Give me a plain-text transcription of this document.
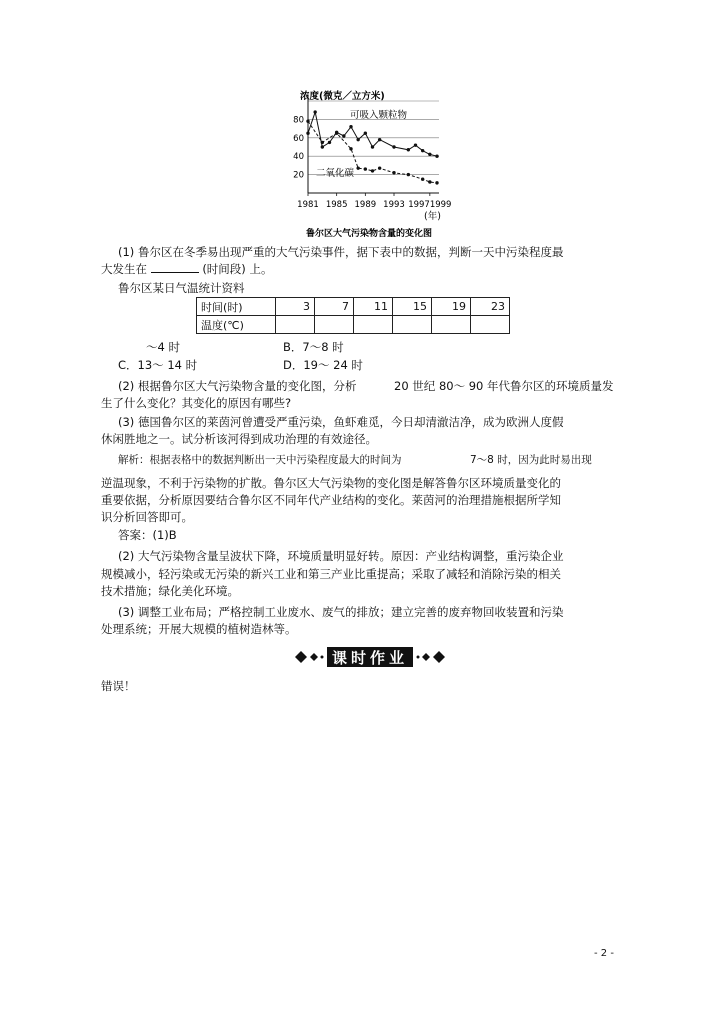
20
40
60
80
1981 1985 1989 1993 19971999
浓度(微克／立方米)
(年)
可吸入颗粒物
二氧化碳
鲁尔区大气污染物含量的变化图
(1) 鲁尔区在冬季易出现严重的大气污染事件，据下表中的数据，判断一天中污染程度最
大发生在	(时间段) 上。
鲁尔区某日气温统计资料
时间(时)	3	7	11	15	19	23
温度(℃)						
～4 时	B．7～8 时
C．13～ 14 时	D．19～ 24 时
(2) 根据鲁尔区大气污染物含量的变化图，分析	20 世纪 80～ 90 年代鲁尔区的环境质量发
生了什么变化？其变化的原因有哪些?
(3) 德国鲁尔区的莱茵河曾遭受严重污染，鱼虾难觅，今日却清澈洁净，成为欧洲人度假
休闲胜地之一。试分析该河得到成功治理的有效途径。
解析：根据表格中的数据判断出一天中污染程度最大的时间为	7～8 时，因为此时易出现
逆温现象，不利于污染物的扩散。鲁尔区大气污染物的变化图是解答鲁尔区环境质量变化的
重要依据，分析原因要结合鲁尔区不同年代产业结构的变化。莱茵河的治理措施根据所学知
识分析回答即可。
答案：(1)B
(2) 大气污染物含量呈波状下降，环境质量明显好转。原因：产业结构调整，重污染企业
规模减小，轻污染或无污染的新兴工业和第三产业比重提高；采取了减轻和消除污染的相关
技术措施；绿化美化环境。
(3) 调整工业布局；严格控制工业废水、废气的排放；建立完善的废弃物回收装置和污染
处理系统；开展大规模的植树造林等。
课时作业
错误！
- 2 -
